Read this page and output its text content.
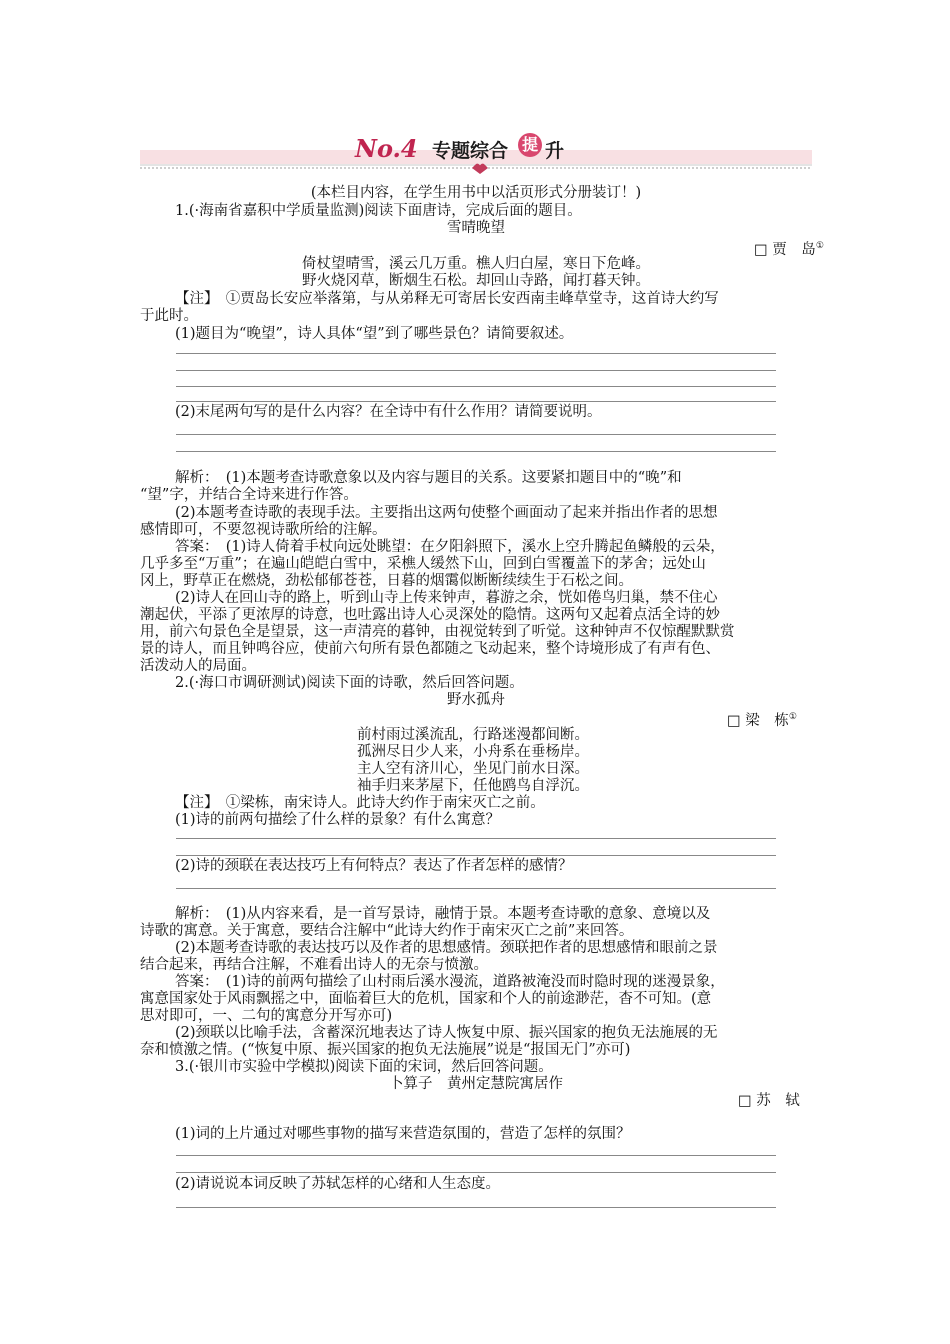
No.4 专题综合 提 升
(本栏目内容，在学生用书中以活页形式分册装订！)
1.(·海南省嘉积中学质量监测)阅读下面唐诗，完成后面的题目。
雪晴晚望
□ 贾　岛①
倚杖望晴雪，溪云几万重。樵人归白屋，寒日下危峰。
野火烧冈草，断烟生石松。却回山寺路，闻打暮天钟。
【注】　①贾岛长安应举落第，与从弟释无可寄居长安西南圭峰草堂寺，这首诗大约写
于此时。
(1)题目为“晚望”，诗人具体“望”到了哪些景色？请简要叙述。
(2)末尾两句写的是什么内容？在全诗中有什么作用？请简要说明。
解析：　(1)本题考查诗歌意象以及内容与题目的关系。这要紧扣题目中的“晚”和
“望”字，并结合全诗来进行作答。
(2)本题考查诗歌的表现手法。主要指出这两句使整个画面动了起来并指出作者的思想
感情即可，不要忽视诗歌所给的注解。
答案：　(1)诗人倚着手杖向远处眺望：在夕阳斜照下，溪水上空升腾起鱼鳞般的云朵，
几乎多至“万重”；在遍山皑皑白雪中，采樵人缓然下山，回到白雪覆盖下的茅舍；远处山
冈上，野草正在燃烧，劲松郁郁苍苍，日暮的烟霭似断断续续生于石松之间。
(2)诗人在回山寺的路上，听到山寺上传来钟声，暮游之余，恍如倦鸟归巢，禁不住心
潮起伏，平添了更浓厚的诗意，也吐露出诗人心灵深处的隐情。这两句又起着点活全诗的妙
用，前六句景色全是望景，这一声清亮的暮钟，由视觉转到了听觉。这种钟声不仅惊醒默默赏
景的诗人，而且钟鸣谷应，使前六句所有景色都随之飞动起来，整个诗境形成了有声有色、
活泼动人的局面。
2.(·海口市调研测试)阅读下面的诗歌，然后回答问题。
野水孤舟
□ 梁　栋①
前村雨过溪流乱，行路迷漫都间断。
孤洲尽日少人来，小舟系在垂杨岸。
主人空有济川心，坐见门前水日深。
袖手归来茅屋下，任他鸥鸟自浮沉。
【注】　①梁栋，南宋诗人。此诗大约作于南宋灭亡之前。
(1)诗的前两句描绘了什么样的景象？有什么寓意？
(2)诗的颈联在表达技巧上有何特点？表达了作者怎样的感情？
解析：　(1)从内容来看，是一首写景诗，融情于景。本题考查诗歌的意象、意境以及
诗歌的寓意。关于寓意，要结合注解中“此诗大约作于南宋灭亡之前”来回答。
(2)本题考查诗歌的表达技巧以及作者的思想感情。颈联把作者的思想感情和眼前之景
结合起来，再结合注解，不难看出诗人的无奈与愤激。
答案：　(1)诗的前两句描绘了山村雨后溪水漫流，道路被淹没而时隐时现的迷漫景象，
寓意国家处于风雨飘摇之中，面临着巨大的危机，国家和个人的前途渺茫，杳不可知。(意
思对即可，一、二句的寓意分开写亦可)
(2)颈联以比喻手法，含蓄深沉地表达了诗人恢复中原、振兴国家的抱负无法施展的无
奈和愤激之情。(“恢复中原、振兴国家的抱负无法施展”说是“报国无门”亦可)
3.(·银川市实验中学模拟)阅读下面的宋词，然后回答问题。
卜算子　黄州定慧院寓居作
□ 苏　轼
(1)词的上片通过对哪些事物的描写来营造氛围的，营造了怎样的氛围？
(2)请说说本词反映了苏轼怎样的心绪和人生态度。
